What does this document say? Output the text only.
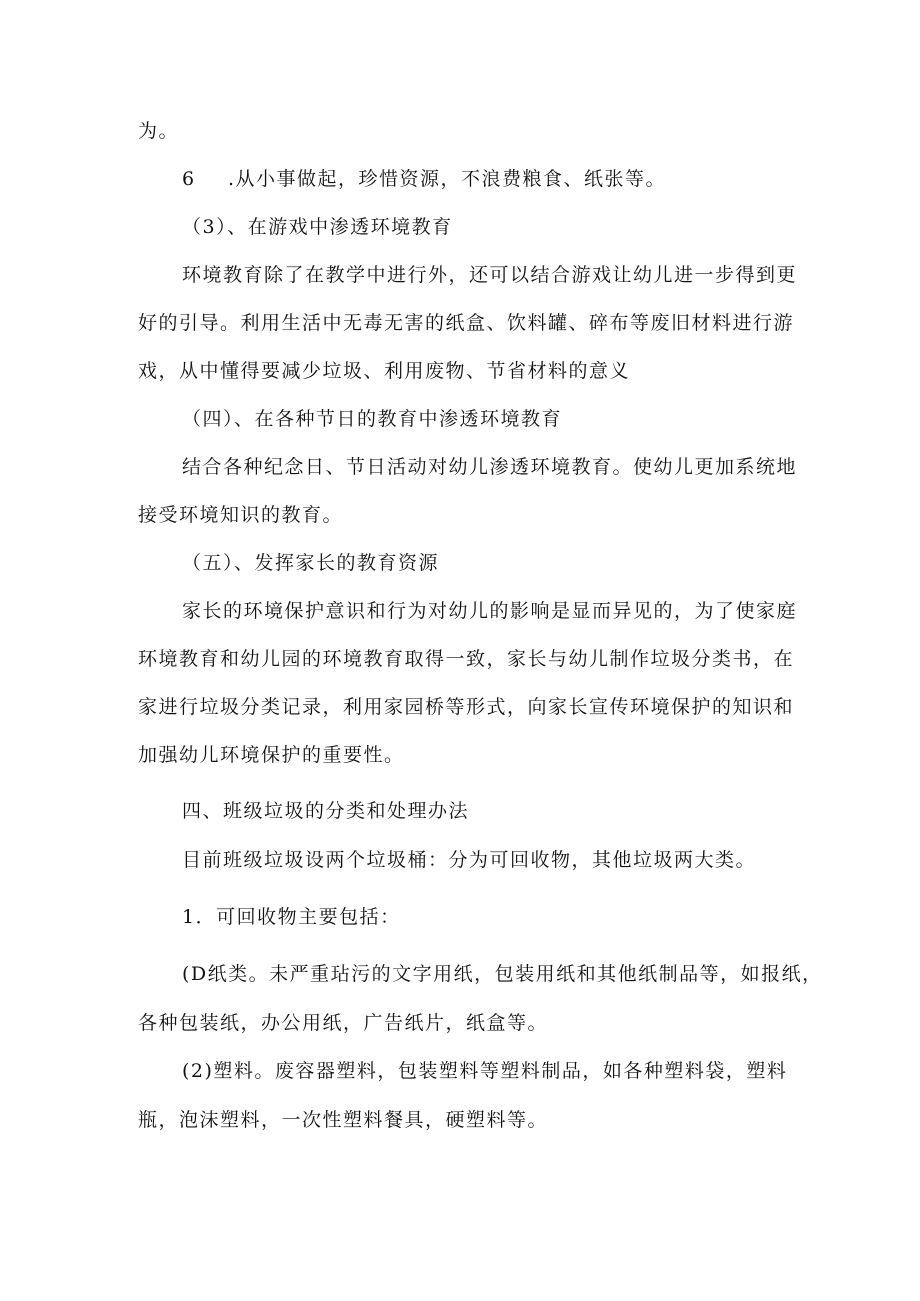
为。
6 .从小事做起，珍惜资源，不浪费粮食、纸张等。
（3）、在游戏中渗透环境教育
环境教育除了在教学中进行外，还可以结合游戏让幼儿进一步得到更
好的引导。利用生活中无毒无害的纸盒、饮料罐、碎布等废旧材料进行游
戏，从中懂得要减少垃圾、利用废物、节省材料的意义
（四）、在各种节日的教育中渗透环境教育
结合各种纪念日、节日活动对幼儿渗透环境教育。使幼儿更加系统地
接受环境知识的教育。
（五）、发挥家长的教育资源
家长的环境保护意识和行为对幼儿的影响是显而异见的，为了使家庭
环境教育和幼儿园的环境教育取得一致，家长与幼儿制作垃圾分类书，在
家进行垃圾分类记录，利用家园桥等形式，向家长宣传环境保护的知识和
加强幼儿环境保护的重要性。
四、班级垃圾的分类和处理办法
目前班级垃圾设两个垃圾桶：分为可回收物，其他垃圾两大类。
1．可回收物主要包括：
(D纸类。未严重玷污的文字用纸，包装用纸和其他纸制品等，如报纸，
各种包装纸，办公用纸，广告纸片，纸盒等。
(2)塑料。废容器塑料，包装塑料等塑料制品，如各种塑料袋，塑料
瓶，泡沫塑料，一次性塑料餐具，硬塑料等。
